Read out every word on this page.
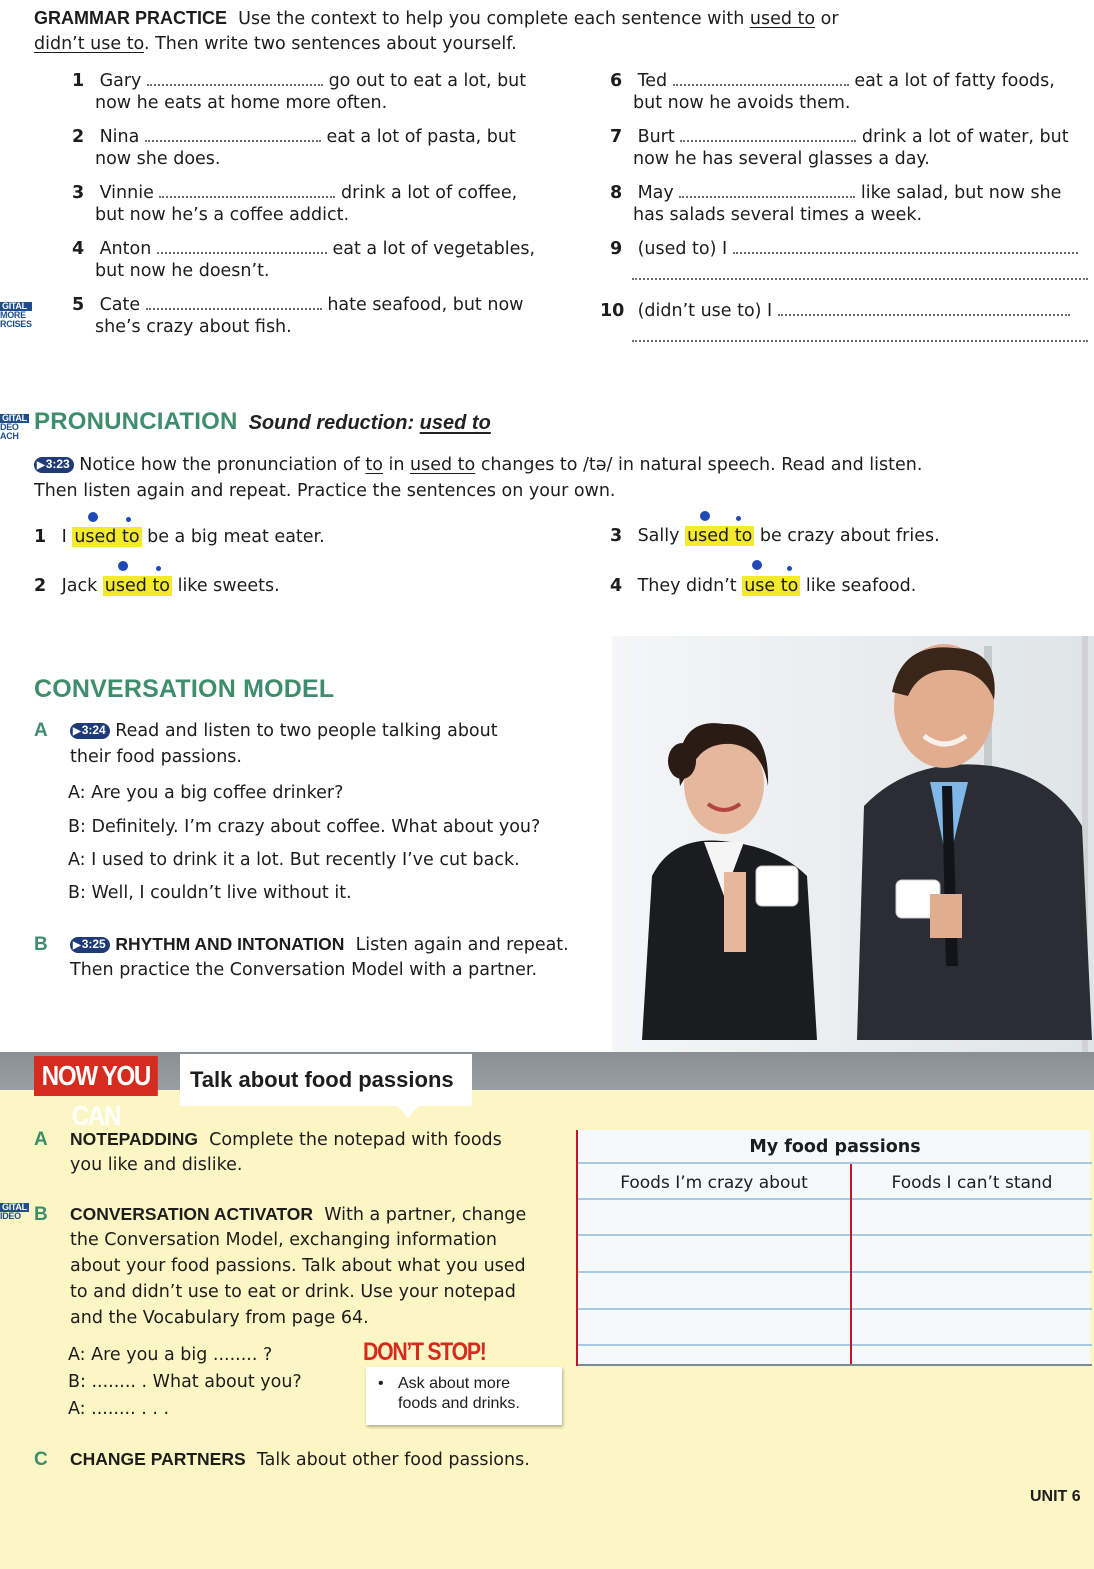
GRAMMAR PRACTICE Use the context to help you complete each sentence with used to or
didn’t use to. Then write two sentences about yourself.
1 Gary	go out to eat a lot, but
now he eats at home more often.
2 Nina	eat a lot of pasta, but
now she does.
3 Vinnie	drink a lot of coffee,
but now he’s a coffee addict.
4 Anton	eat a lot of vegetables,
but now he doesn’t.
5 Cate	hate seafood, but now
she’s crazy about fish.
6 Ted	eat a lot of fatty foods,
but now he avoids them.
7 Burt	drink a lot of water, but
now he has several glasses a day.
8 May	like salad, but now she
has salads several times a week.
9 (used to) I
10 (didn’t use to) I
GITAL
MORE
RCISES
GITAL
DEO
ACH
PRONUNCIATION Sound reduction: used to
▶3:23 Notice how the pronunciation of to in used to changes to /tə/ in natural speech. Read and listen.
Then listen again and repeat. Practice the sentences on your own.
1 I used to be a big meat eater.
2 Jack used to like sweets.
3 Sally used to be crazy about fries.
4 They didn’t use to like seafood.
CONVERSATION MODEL
A	▶3:24 Read and listen to two people talking about
their food passions.
A: Are you a big coffee drinker?
B: Definitely. I’m crazy about coffee. What about you?
A: I used to drink it a lot. But recently I’ve cut back.
B: Well, I couldn’t live without it.
B	▶3:25 RHYTHM AND INTONATION Listen again and repeat.
Then practice the Conversation Model with a partner.
NOW YOU CAN
Talk about food passions
GITAL
IDEO
A NOTEPADDING Complete the notepad with foods
you like and dislike.
B CONVERSATION ACTIVATOR With a partner, change
the Conversation Model, exchanging information
about your food passions. Talk about what you used
to and didn’t use to eat or drink. Use your notepad
and the Vocabulary from page 64.
A: Are you a big ........ ?
B: ........ . What about you?
A: ........ . . .
DON’T STOP!
• Ask about more
foods and drinks.
C CHANGE PARTNERS Talk about other food passions.
My food passions
Foods I’m crazy about	Foods I can’t stand
UNIT 6
